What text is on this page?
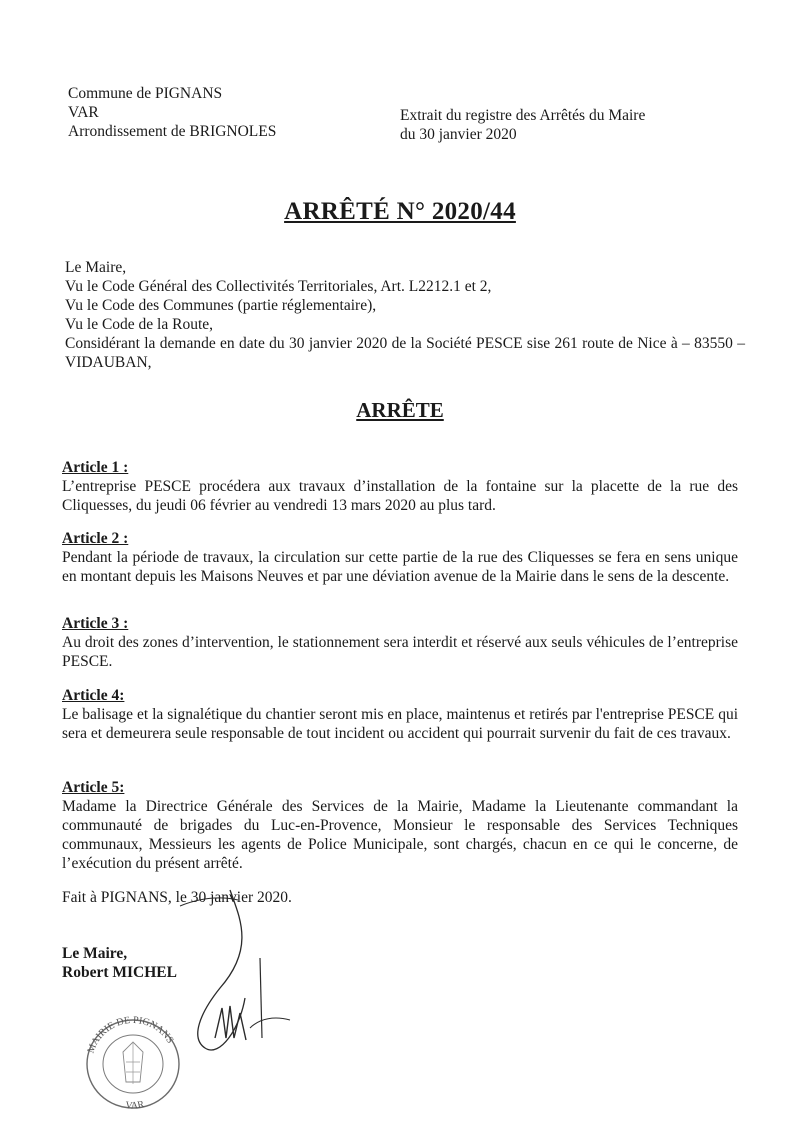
Commune de PIGNANS
VAR
Arrondissement de BRIGNOLES
Extrait du registre des Arrêtés du Maire
du 30 janvier 2020
ARRÊTÉ N° 2020/44
Le Maire,
Vu le Code Général des Collectivités Territoriales, Art. L2212.1 et 2,
Vu le Code des Communes (partie réglementaire),
Vu le Code de la Route,
Considérant la demande en date du 30 janvier 2020 de la Société PESCE sise 261 route de Nice à – 83550 – VIDAUBAN,
ARRÊTE
Article 1 :
L’entreprise PESCE procédera aux travaux d’installation de la fontaine sur la placette de la rue des Cliquesses, du jeudi 06 février au vendredi 13 mars 2020 au plus tard.
Article 2 :
Pendant la période de travaux, la circulation sur cette partie de la rue des Cliquesses se fera en sens unique en montant depuis les Maisons Neuves et par une déviation avenue de la Mairie dans le sens de la descente.
Article 3 :
Au droit des zones d’intervention, le stationnement sera interdit et réservé aux seuls véhicules de l’entreprise PESCE.
Article 4:
Le balisage et la signalétique du chantier seront mis en place, maintenus et retirés par l'entreprise PESCE qui sera et demeurera seule responsable de tout incident ou accident qui pourrait survenir du fait de ces travaux.
Article 5:
Madame la Directrice Générale des Services de la Mairie, Madame la Lieutenante commandant la communauté de brigades du Luc-en-Provence, Monsieur le responsable des Services Techniques communaux, Messieurs les agents de Police Municipale, sont chargés, chacun en ce qui le concerne, de l’exécution du présent arrêté.
Fait à PIGNANS, le 30 janvier 2020.
Le Maire,
Robert MICHEL
MAIRIE DE PIGNANS
VAR
